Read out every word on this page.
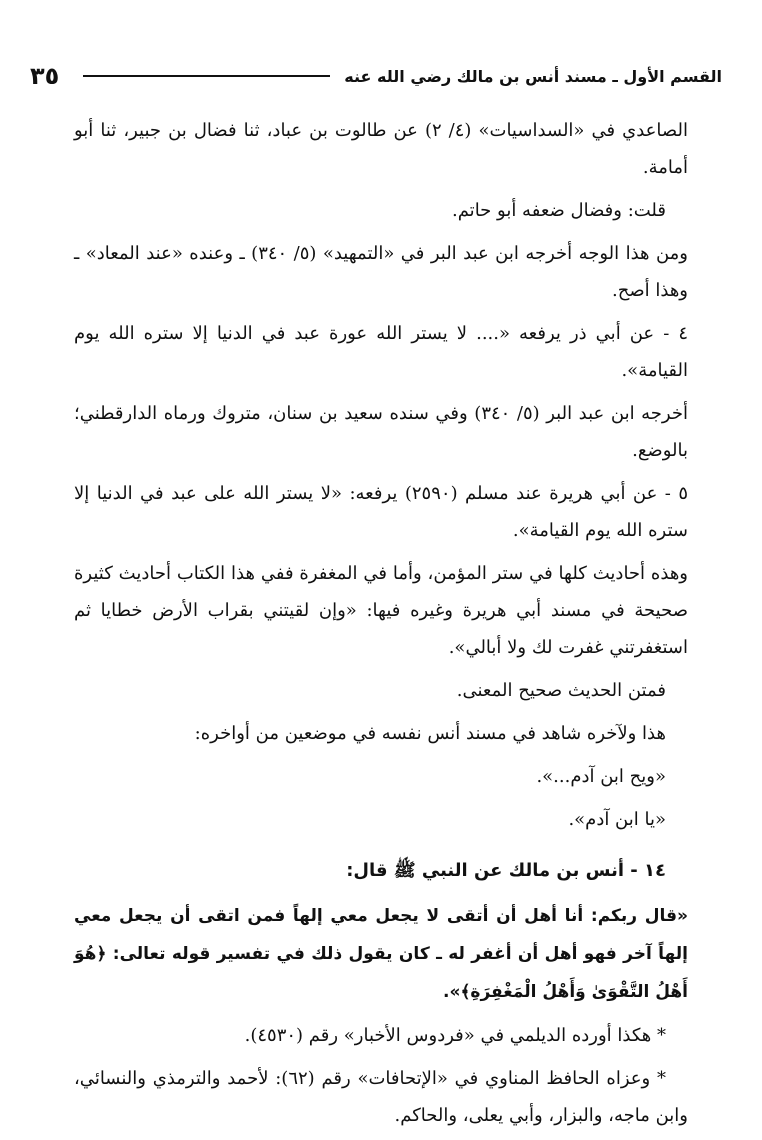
القسم الأول ـ مسند أنس بن مالك رضي الله عنه
٣٥

الصاعدي في «السداسيات» (٤/ ٢) عن طالوت بن عباد، ثنا فضال بن جبير، ثنا أبو أمامة.

قلت: وفضال ضعفه أبو حاتم.

ومن هذا الوجه أخرجه ابن عبد البر في «التمهيد» (٥/ ٣٤٠) ـ وعنده «عند المعاد» ـ وهذا أصح.

٤ - عن أبي ذر يرفعه «.... لا يستر الله عورة عبد في الدنيا إلا ستره الله يوم القيامة».

أخرجه ابن عبد البر (٥/ ٣٤٠) وفي سنده سعيد بن سنان، متروك ورماه الدارقطني؛ بالوضع.

٥ - عن أبي هريرة عند مسلم (٢٥٩٠) يرفعه: «لا يستر الله على عبد في الدنيا إلا ستره الله يوم القيامة».

وهذه أحاديث كلها في ستر المؤمن، وأما في المغفرة ففي هذا الكتاب أحاديث كثيرة صحيحة في مسند أبي هريرة وغيره فيها: «وإن لقيتني بقراب الأرض خطايا ثم استغفرتني غفرت لك ولا أبالي».

فمتن الحديث صحيح المعنى.

هذا ولآخره شاهد في مسند أنس نفسه في موضعين من أواخره:

«ويح ابن آدم...».

«يا ابن آدم».

١٤ - أنس بن مالك عن النبي ﷺ قال:

«قال ربكم: أنا أهل أن أتقى لا يجعل معي إلهاً فمن اتقى أن يجعل معي إلهاً آخر فهو أهل أن أغفر له ـ كان يقول ذلك في تفسير قوله تعالى: ﴿هُوَ أَهْلُ التَّقْوَىٰ وَأَهْلُ الْمَغْفِرَةِ﴾».

* هكذا أورده الديلمي في «فردوس الأخبار» رقم (٤٥٣٠).

* وعزاه الحافظ المناوي في «الإتحافات» رقم (٦٢): لأحمد والترمذي والنسائي، وابن ماجه، والبزار، وأبي يعلى، والحاكم.
